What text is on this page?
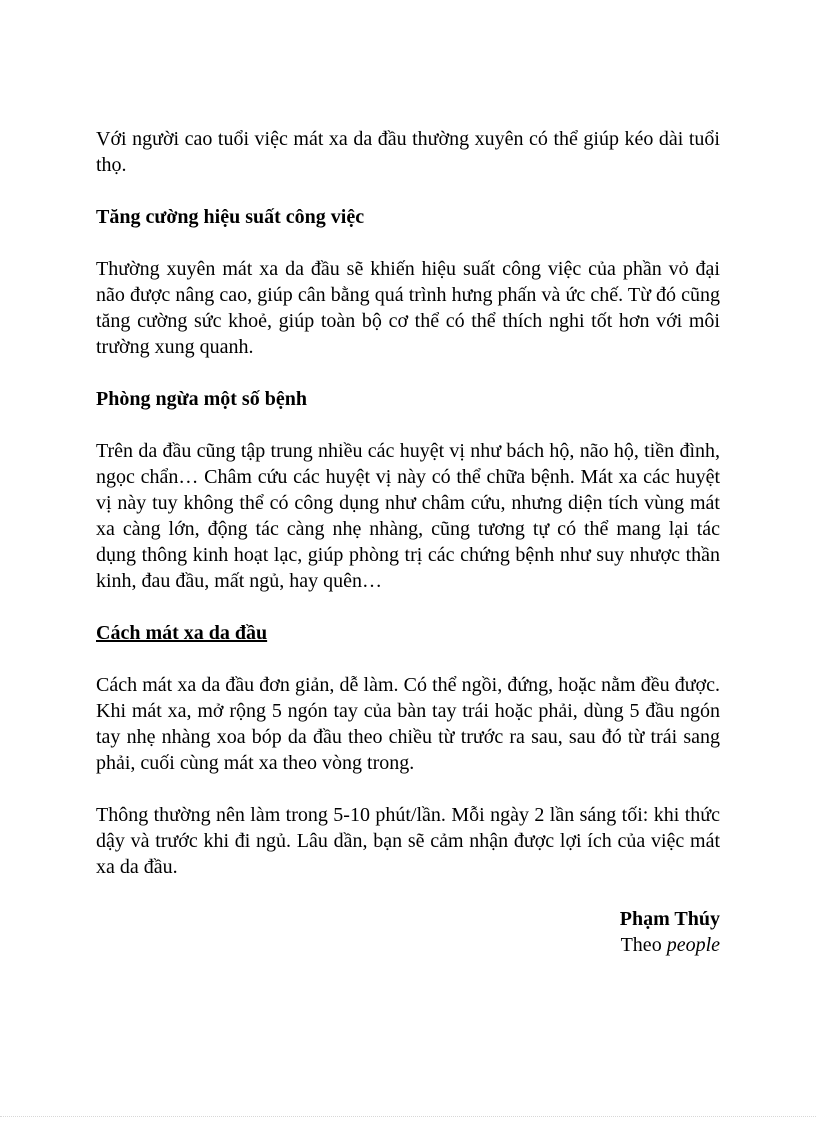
Với người cao tuổi việc mát xa da đầu thường xuyên có thể giúp kéo dài tuổi thọ.

Tăng cường hiệu suất công việc

Thường xuyên mát xa da đầu sẽ khiến hiệu suất công việc của phần vỏ đại não được nâng cao, giúp cân bằng quá trình hưng phấn và ức chế. Từ đó cũng tăng cường sức khoẻ, giúp toàn bộ cơ thể có thể thích nghi tốt hơn với môi trường xung quanh.

Phòng ngừa một số bệnh

Trên da đầu cũng tập trung nhiều các huyệt vị như bách hộ, não hộ, tiền đình, ngọc chẩn… Châm cứu các huyệt vị này có thể chữa bệnh. Mát xa các huyệt vị này tuy không thể có công dụng như châm cứu, nhưng diện tích vùng mát xa càng lớn, động tác càng nhẹ nhàng, cũng tương tự có thể mang lại tác dụng thông kinh hoạt lạc, giúp phòng trị các chứng bệnh như suy nhược thần kinh, đau đầu, mất ngủ, hay quên…

Cách mát xa da đầu

Cách mát xa da đầu đơn giản, dễ làm. Có thể ngồi, đứng, hoặc nằm đều được. Khi mát xa, mở rộng 5 ngón tay của bàn tay trái hoặc phải, dùng 5 đầu ngón tay nhẹ nhàng xoa bóp da đầu theo chiều từ trước ra sau, sau đó từ trái sang phải, cuối cùng mát xa theo vòng trong.

Thông thường nên làm trong 5-10 phút/lần. Mỗi ngày 2 lần sáng tối: khi thức dậy và trước khi đi ngủ. Lâu dần, bạn sẽ cảm nhận được lợi ích của việc mát xa da đầu.

Phạm Thúy
Theo people
